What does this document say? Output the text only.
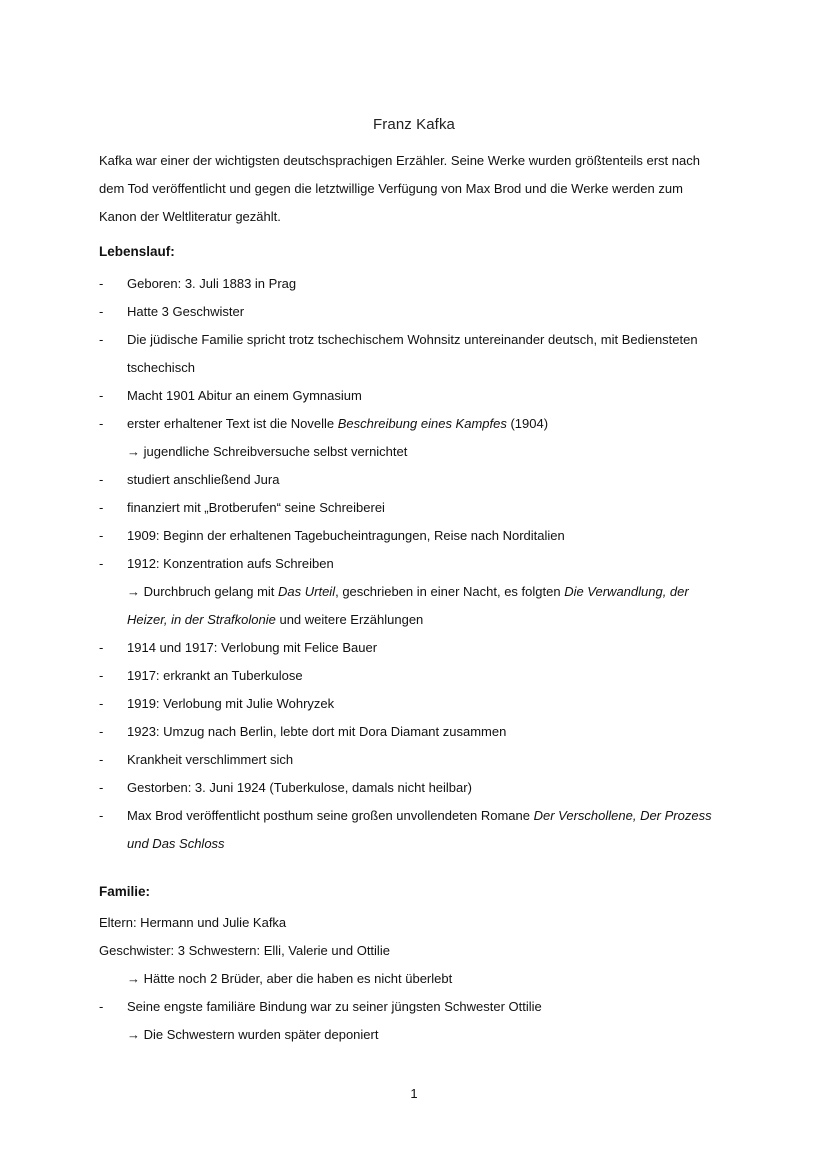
Franz Kafka

Kafka war einer der wichtigsten deutschsprachigen Erzähler. Seine Werke wurden größtenteils erst nach dem Tod veröffentlicht und gegen die letztwillige Verfügung von Max Brod und die Werke werden zum Kanon der Weltliteratur gezählt.

Lebenslauf:
- Geboren: 3. Juli 1883 in Prag
- Hatte 3 Geschwister
- Die jüdische Familie spricht trotz tschechischem Wohnsitz untereinander deutsch, mit Bediensteten tschechisch
- Macht 1901 Abitur an einem Gymnasium
- erster erhaltener Text ist die Novelle Beschreibung eines Kampfes (1904)
→ jugendliche Schreibversuche selbst vernichtet
- studiert anschließend Jura
- finanziert mit „Brotberufen“ seine Schreiberei
- 1909: Beginn der erhaltenen Tagebucheintragungen, Reise nach Norditalien
- 1912: Konzentration aufs Schreiben
→ Durchbruch gelang mit Das Urteil, geschrieben in einer Nacht, es folgten Die Verwandlung, der Heizer, in der Strafkolonie und weitere Erzählungen
- 1914 und 1917: Verlobung mit Felice Bauer
- 1917: erkrankt an Tuberkulose
- 1919: Verlobung mit Julie Wohryzek
- 1923: Umzug nach Berlin, lebte dort mit Dora Diamant zusammen
- Krankheit verschlimmert sich
- Gestorben: 3. Juni 1924 (Tuberkulose, damals nicht heilbar)
- Max Brod veröffentlicht posthum seine großen unvollendeten Romane Der Verschollene, Der Prozess und Das Schloss
Familie:
Eltern: Hermann und Julie Kafka
Geschwister: 3 Schwestern: Elli, Valerie und Ottilie
→ Hätte noch 2 Brüder, aber die haben es nicht überlebt
- Seine engste familiäre Bindung war zu seiner jüngsten Schwester Ottilie
→ Die Schwestern wurden später deponiert
1
